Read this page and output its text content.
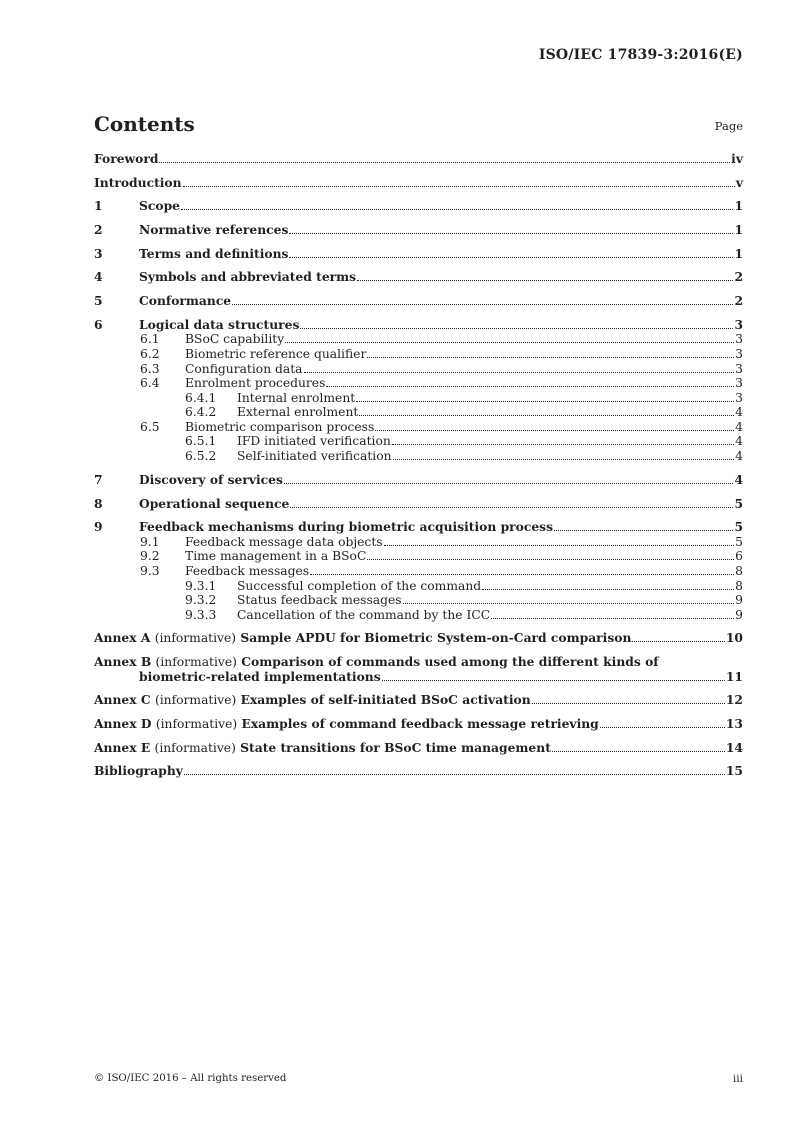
ISO/IEC 17839-3:2016(E)
Contents	Page
Foreword	iv
Introduction	v
1	Scope	1
2	Normative references	1
3	Terms and definitions	1
4	Symbols and abbreviated terms	2
5	Conformance	2
6	Logical data structures	3
6.1	BSoC capability	3
6.2	Biometric reference qualifier	3
6.3	Configuration data	3
6.4	Enrolment procedures	3
6.4.1	Internal enrolment	3
6.4.2	External enrolment	4
6.5	Biometric comparison process	4
6.5.1	IFD initiated verification	4
6.5.2	Self-initiated verification	4
7	Discovery of services	4
8	Operational sequence	5
9	Feedback mechanisms during biometric acquisition process	5
9.1	Feedback message data objects	5
9.2	Time management in a BSoC	6
9.3	Feedback messages	8
9.3.1	Successful completion of the command	8
9.3.2	Status feedback messages	9
9.3.3	Cancellation of the command by the ICC	9
Annex A (informative) Sample APDU for Biometric System-on-Card comparison	10
Annex B (informative) Comparison of commands used among the different kinds of
biometric-related implementations	11
Annex C (informative) Examples of self-initiated BSoC activation	12
Annex D (informative) Examples of command feedback message retrieving	13
Annex E (informative) State transitions for BSoC time management	14
Bibliography	15
© ISO/IEC 2016 – All rights reserved	iii
